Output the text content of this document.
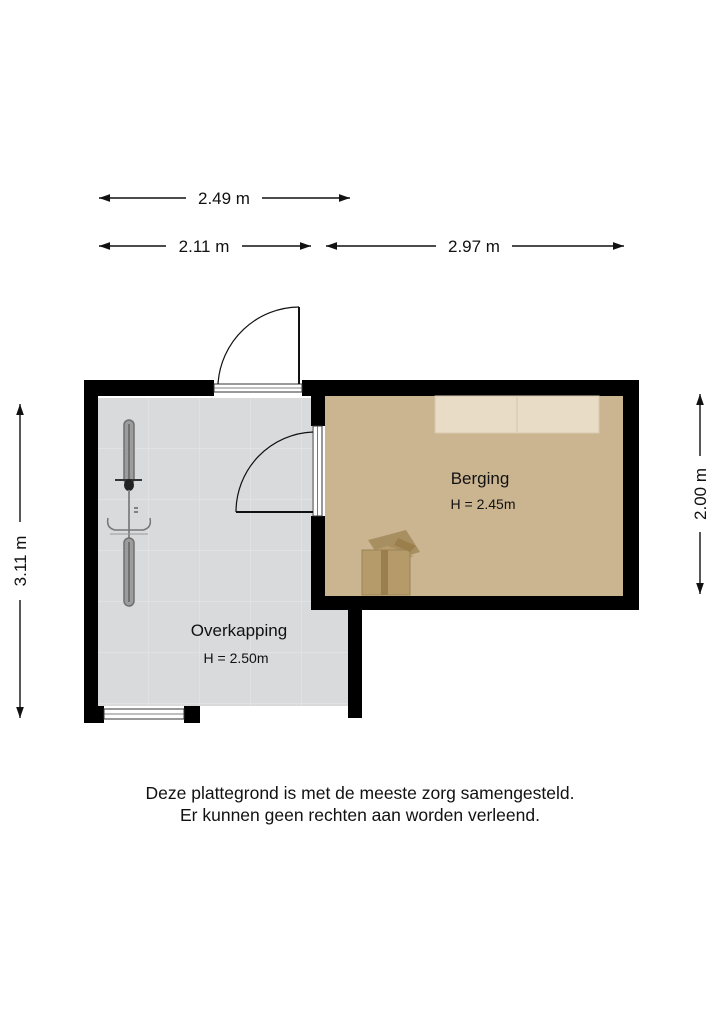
2.49 m
2.11 m	2.97 m
3.11 m
2.00 m
Overkapping
H = 2.50m
Berging
H = 2.45m
Deze plattegrond is met de meeste zorg samengesteld.
Er kunnen geen rechten aan worden verleend.
